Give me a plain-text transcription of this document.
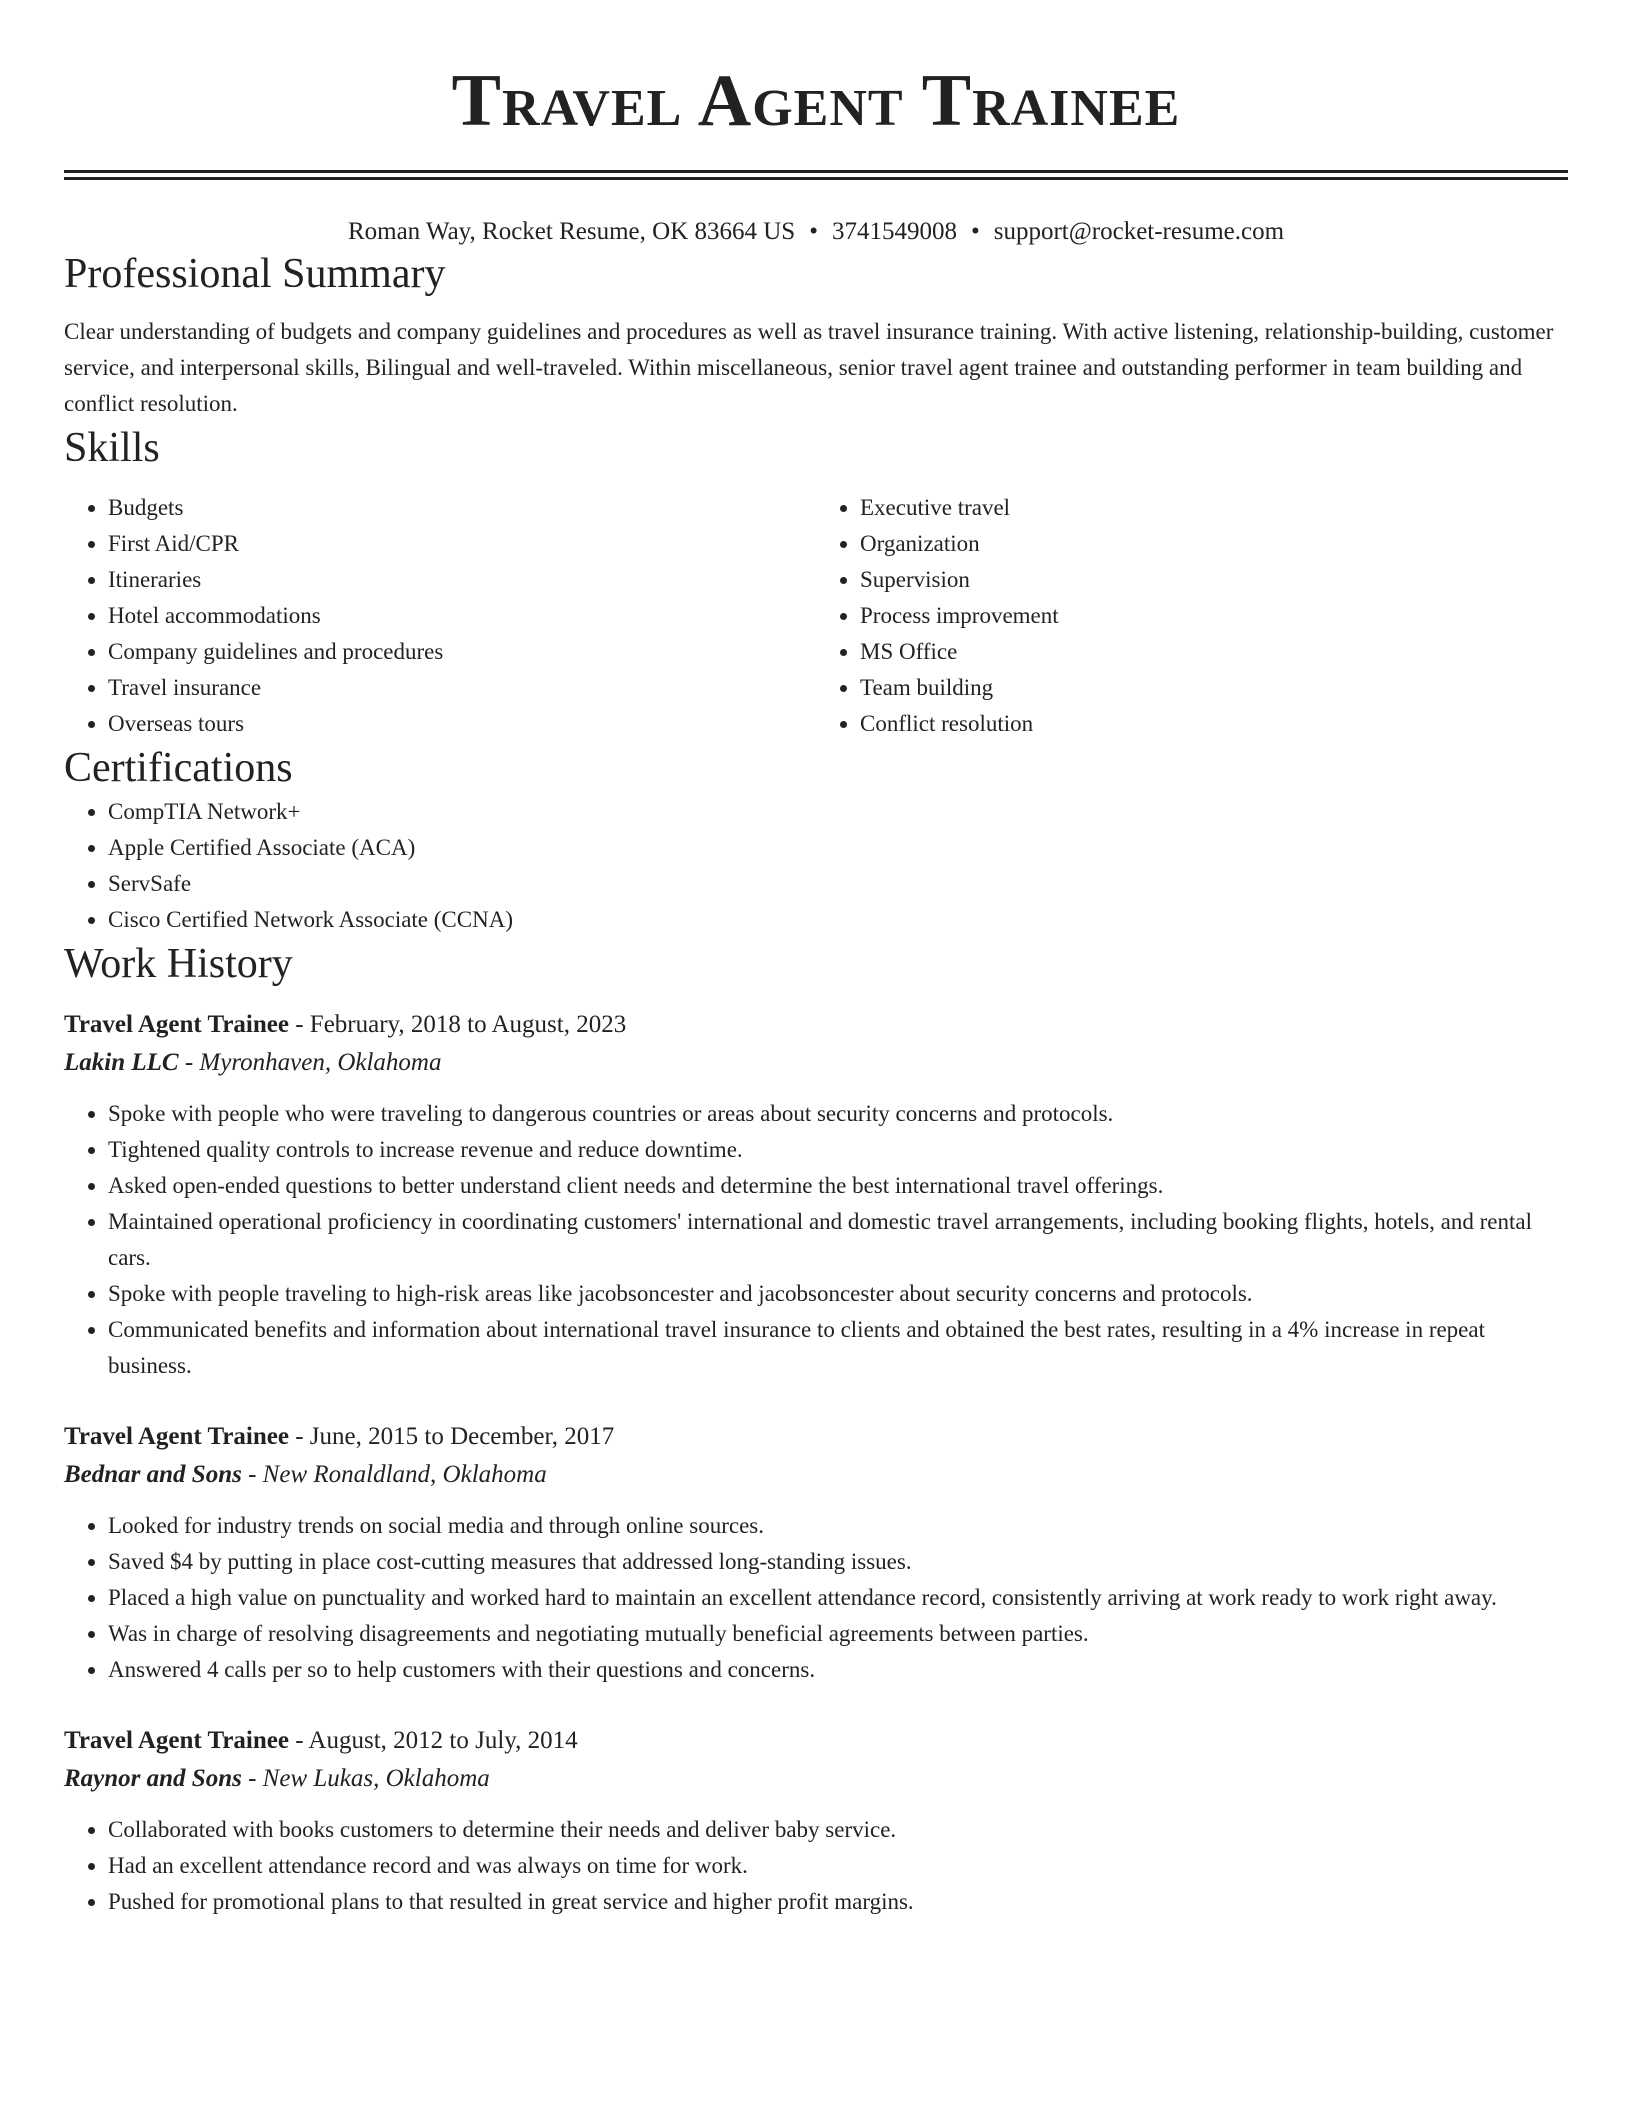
Travel Agent Trainee
Roman Way, Rocket Resume, OK 83664 US • 3741549008 • support@rocket-resume.com
Professional Summary

Clear understanding of budgets and company guidelines and procedures as well as travel insurance training. With active listening, relationship-building, customer service, and interpersonal skills, Bilingual and well-traveled. Within miscellaneous, senior travel agent trainee and outstanding performer in team building and conflict resolution.

Skills
• Budgets
• First Aid/CPR
• Itineraries
• Hotel accommodations
• Company guidelines and procedures
• Travel insurance
• Overseas tours
• Executive travel
• Organization
• Supervision
• Process improvement
• MS Office
• Team building
• Conflict resolution
Certifications
• CompTIA Network+
• Apple Certified Associate (ACA)
• ServSafe
• Cisco Certified Network Associate (CCNA)
Work History
Travel Agent Trainee - February, 2018 to August, 2023
Lakin LLC - Myronhaven, Oklahoma
• Spoke with people who were traveling to dangerous countries or areas about security concerns and protocols.
• Tightened quality controls to increase revenue and reduce downtime.
• Asked open-ended questions to better understand client needs and determine the best international travel offerings.
• Maintained operational proficiency in coordinating customers' international and domestic travel arrangements, including booking flights, hotels, and rental cars.
• Spoke with people traveling to high-risk areas like jacobsoncester and jacobsoncester about security concerns and protocols.
• Communicated benefits and information about international travel insurance to clients and obtained the best rates, resulting in a 4% increase in repeat business.
Travel Agent Trainee - June, 2015 to December, 2017
Bednar and Sons - New Ronaldland, Oklahoma
• Looked for industry trends on social media and through online sources.
• Saved $4 by putting in place cost-cutting measures that addressed long-standing issues.
• Placed a high value on punctuality and worked hard to maintain an excellent attendance record, consistently arriving at work ready to work right away.
• Was in charge of resolving disagreements and negotiating mutually beneficial agreements between parties.
• Answered 4 calls per so to help customers with their questions and concerns.
Travel Agent Trainee - August, 2012 to July, 2014
Raynor and Sons - New Lukas, Oklahoma
• Collaborated with books customers to determine their needs and deliver baby service.
• Had an excellent attendance record and was always on time for work.
• Pushed for promotional plans to that resulted in great service and higher profit margins.
